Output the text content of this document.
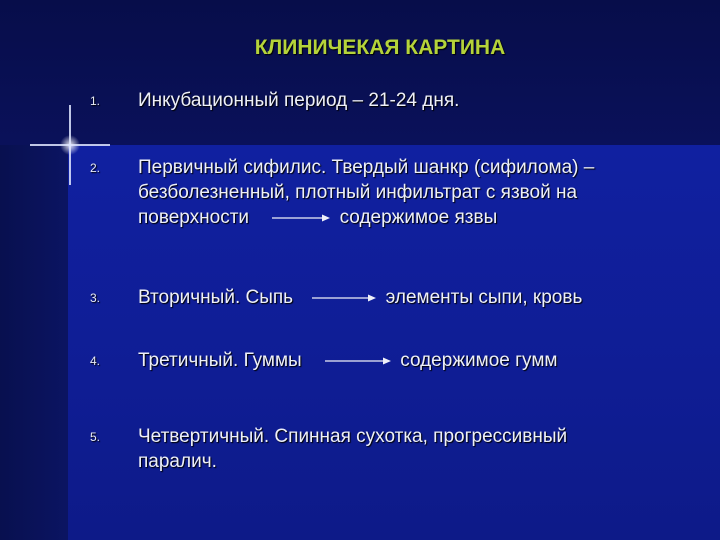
КЛИНИЧЕКАЯ КАРТИНА
1. Инкубационный период – 21-24 дня.
2. Первичный сифилис. Твердый шанкр (сифилома) –
безболезненный, плотный инфильтрат с язвой на
поверхности	содержимое язвы
3. Вторичный. Сыпь	элементы сыпи, кровь
4. Третичный. Гуммы	содержимое гумм
5. Четвертичный. Спинная сухотка, прогрессивный
паралич.
